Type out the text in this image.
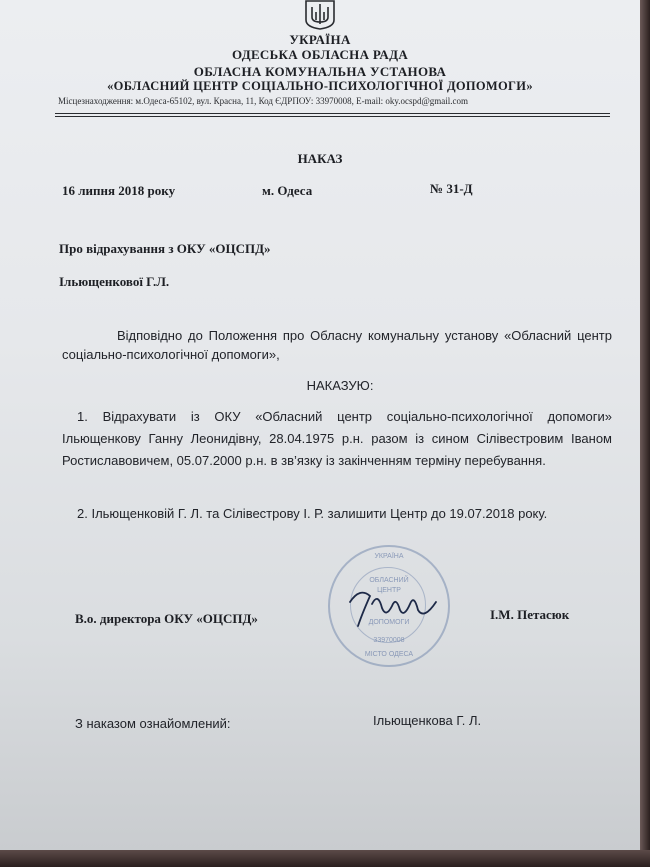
УКРАЇНА
ОДЕСЬКА ОБЛАСНА РАДА
ОБЛАСНА КОМУНАЛЬНА УСТАНОВА
«ОБЛАСНИЙ ЦЕНТР СОЦІАЛЬНО-ПСИХОЛОГІЧНОЇ ДОПОМОГИ»
Місцезнаходження: м.Одеса-65102, вул. Красна, 11, Код ЄДРПОУ: 33970008, E-mail: oky.ocspd@gmail.com
НАКАЗ
16 липня 2018 року	м. Одеса	№ 31-Д
Про відрахування з ОКУ «ОЦСПД»
Ільющенкової Г.Л.
Відповідно до Положення про Обласну комунальну установу «Обласний центр соціально-психологічної допомоги»,
НАКАЗУЮ:
1. Відрахувати із ОКУ «Обласний центр соціально-психологічної допомоги» Ільющенкову Ганну Леонидівну, 28.04.1975 р.н. разом із сином Сілівестровим Іваном Ростиславовичем, 05.07.2000 р.н. в зв’язку із закінченням терміну перебування.
2. Ільющенковій Г. Л. та Сілівестрову І. Р. залишити Центр до 19.07.2018 року.
УКРАЇНА
ОБЛАСНИЙ
ЦЕНТР
ДОПОМОГИ
33970008
МІСТО ОДЕСА
В.о. директора ОКУ «ОЦСПД»	І.М. Петасюк
З наказом ознайомлений:	Ільющенкова Г. Л.
